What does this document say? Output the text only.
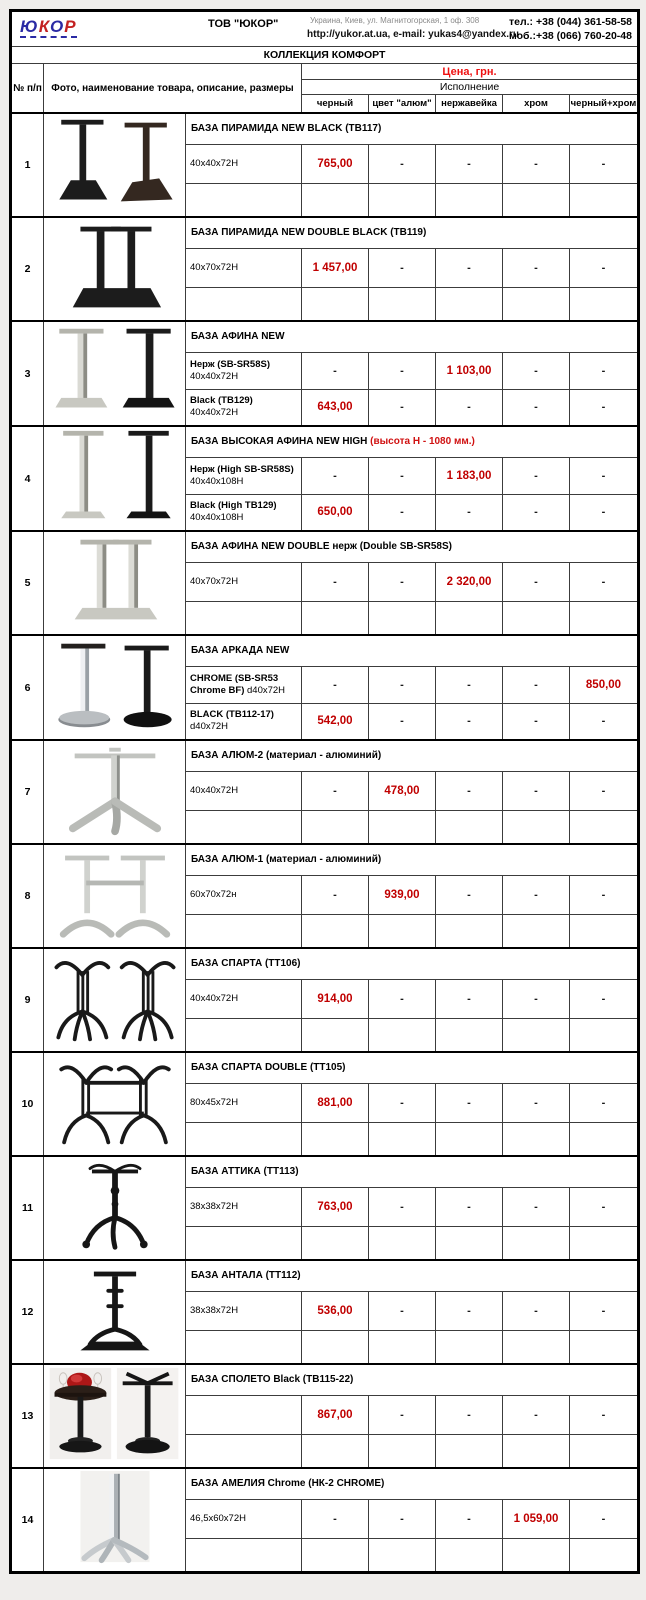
ЮКОР	ТОВ "ЮКОР"	Украина, Киев, ул. Магнитогорская, 1 оф. 308
http://yukor.at.ua, e-mail: yukas4@yandex.ru
тел.: +38 (044) 361-58-58
моб.:+38 (066) 760-20-48

КОЛЛЕКЦИЯ КОМФОРТ							
№ п/п	Фото, наименование товара, описание, размеры		Цена, грн.				
			Исполнение				
			черный	цвет "алюм"	нержавейка	хром	черный+хром
1		БАЗА ПИРАМИДА NEW BLACK (ТВ117)					
		40х40х72Н	765,00	-	-	-	-

2		БАЗА ПИРАМИДА NEW DOUBLE BLACK (ТВ119)					
		40х70х72Н	1 457,00	-	-	-	-

3		БАЗА АФИНА NEW					
		Нерж (SB-SR58S) 40х40х72Н	-	-	1 103,00	-	-
		Black (ТВ129) 40х40х72Н	643,00	-	-	-	-
4		БАЗА ВЫСОКАЯ АФИНА NEW HIGH (высота Н - 1080 мм.)					
		Нерж (High SB-SR58S) 40х40х108Н	-	-	1 183,00	-	-
		Black (High ТВ129) 40х40х108Н	650,00	-	-	-	-
5		БАЗА АФИНА NEW DOUBLE нерж (Double SB-SR58S)					
		40х70х72Н	-	-	2 320,00	-	-

6		БАЗА АРКАДА NEW					
		CHROME (SB-SR53 Chrome BF) d40х72Н	-	-	-	-	850,00
		BLACK (ТВ112-17) d40х72Н	542,00	-	-	-	-
7		БАЗА АЛЮМ-2 (материал - алюминий)					
		40х40х72Н	-	478,00	-	-	-

8		БАЗА АЛЮМ-1 (материал - алюминий)					
		60х70х72н	-	939,00	-	-	-

9		БАЗА СПАРТА (ТТ106)					
		40х40х72Н	914,00	-	-	-	-

10		БАЗА СПАРТА DOUBLE (ТТ105)					
		80х45х72Н	881,00	-	-	-	-

11		БАЗА АТТИКА (ТТ113)					
		38х38х72Н	763,00	-	-	-	-

12		БАЗА АНТАЛА (ТТ112)					
		38х38х72Н	536,00	-	-	-	-

13		БАЗА СПОЛЕТО Black (ТВ115-22)					
			867,00	-	-	-	-

14		БАЗА АМЕЛИЯ Chrome (НК-2 CHROME)					
		46,5х60х72Н	-	-	-	1 059,00	-
